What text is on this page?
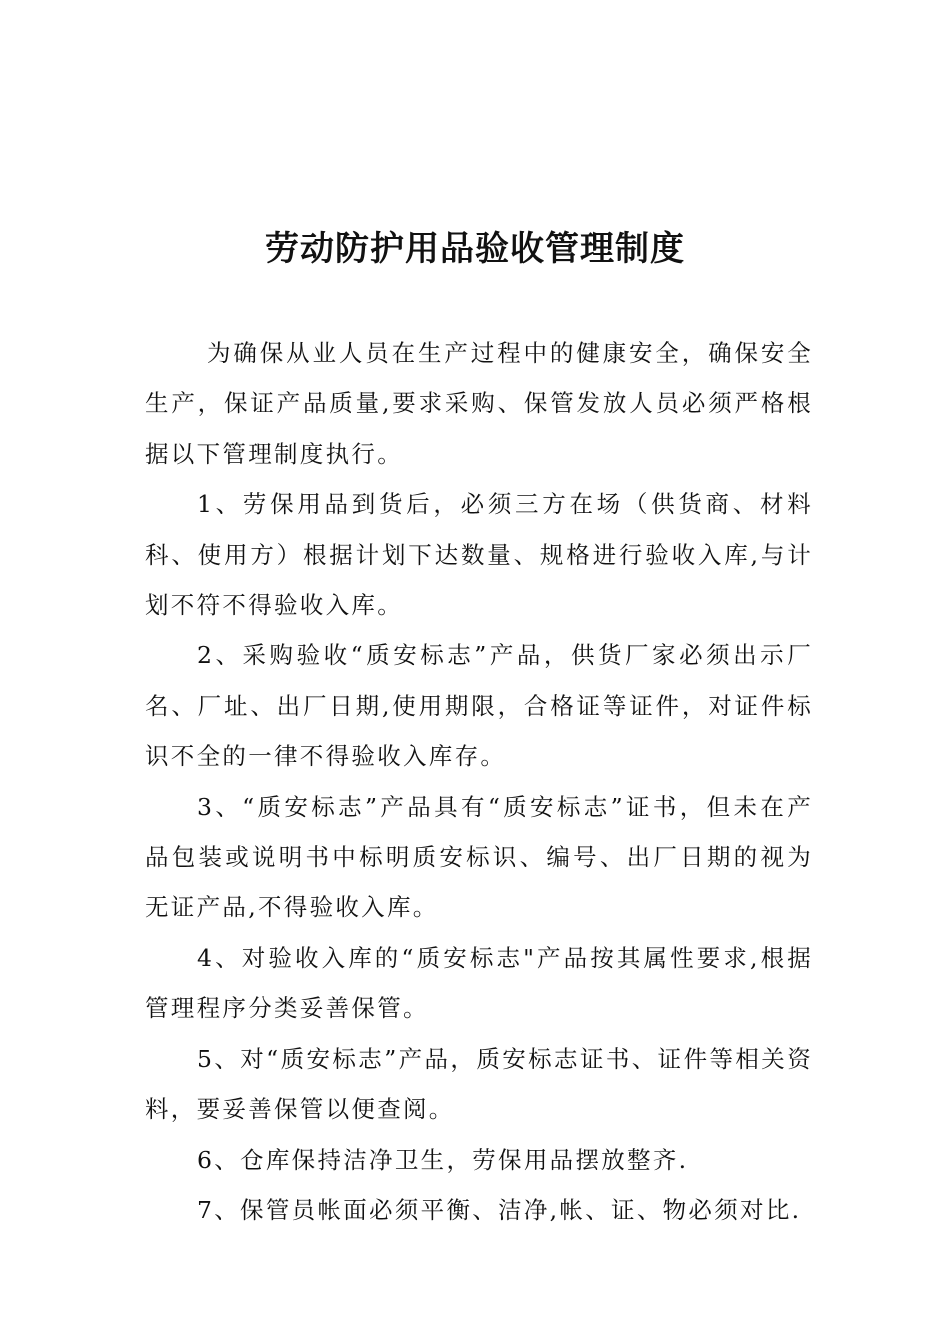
劳动防护用品验收管理制度

为确保从业人员在生产过程中的健康安全，确保安全生产，保证产品质量,要求采购、保管发放人员必须严格根据以下管理制度执行。

1、劳保用品到货后，必须三方在场（供货商、材料科、使用方）根据计划下达数量、规格进行验收入库,与计划不符不得验收入库。

2、采购验收“质安标志”产品，供货厂家必须出示厂名、厂址、出厂日期,使用期限，合格证等证件，对证件标识不全的一律不得验收入库存。

3、“质安标志”产品具有“质安标志”证书，但未在产品包装或说明书中标明质安标识、编号、出厂日期的视为无证产品,不得验收入库。

4、对验收入库的“质安标志"产品按其属性要求,根据管理程序分类妥善保管。

5、对“质安标志”产品，质安标志证书、证件等相关资料，要妥善保管以便查阅。

6、仓库保持洁净卫生，劳保用品摆放整齐.

7、保管员帐面必须平衡、洁净,帐、证、物必须对比.
